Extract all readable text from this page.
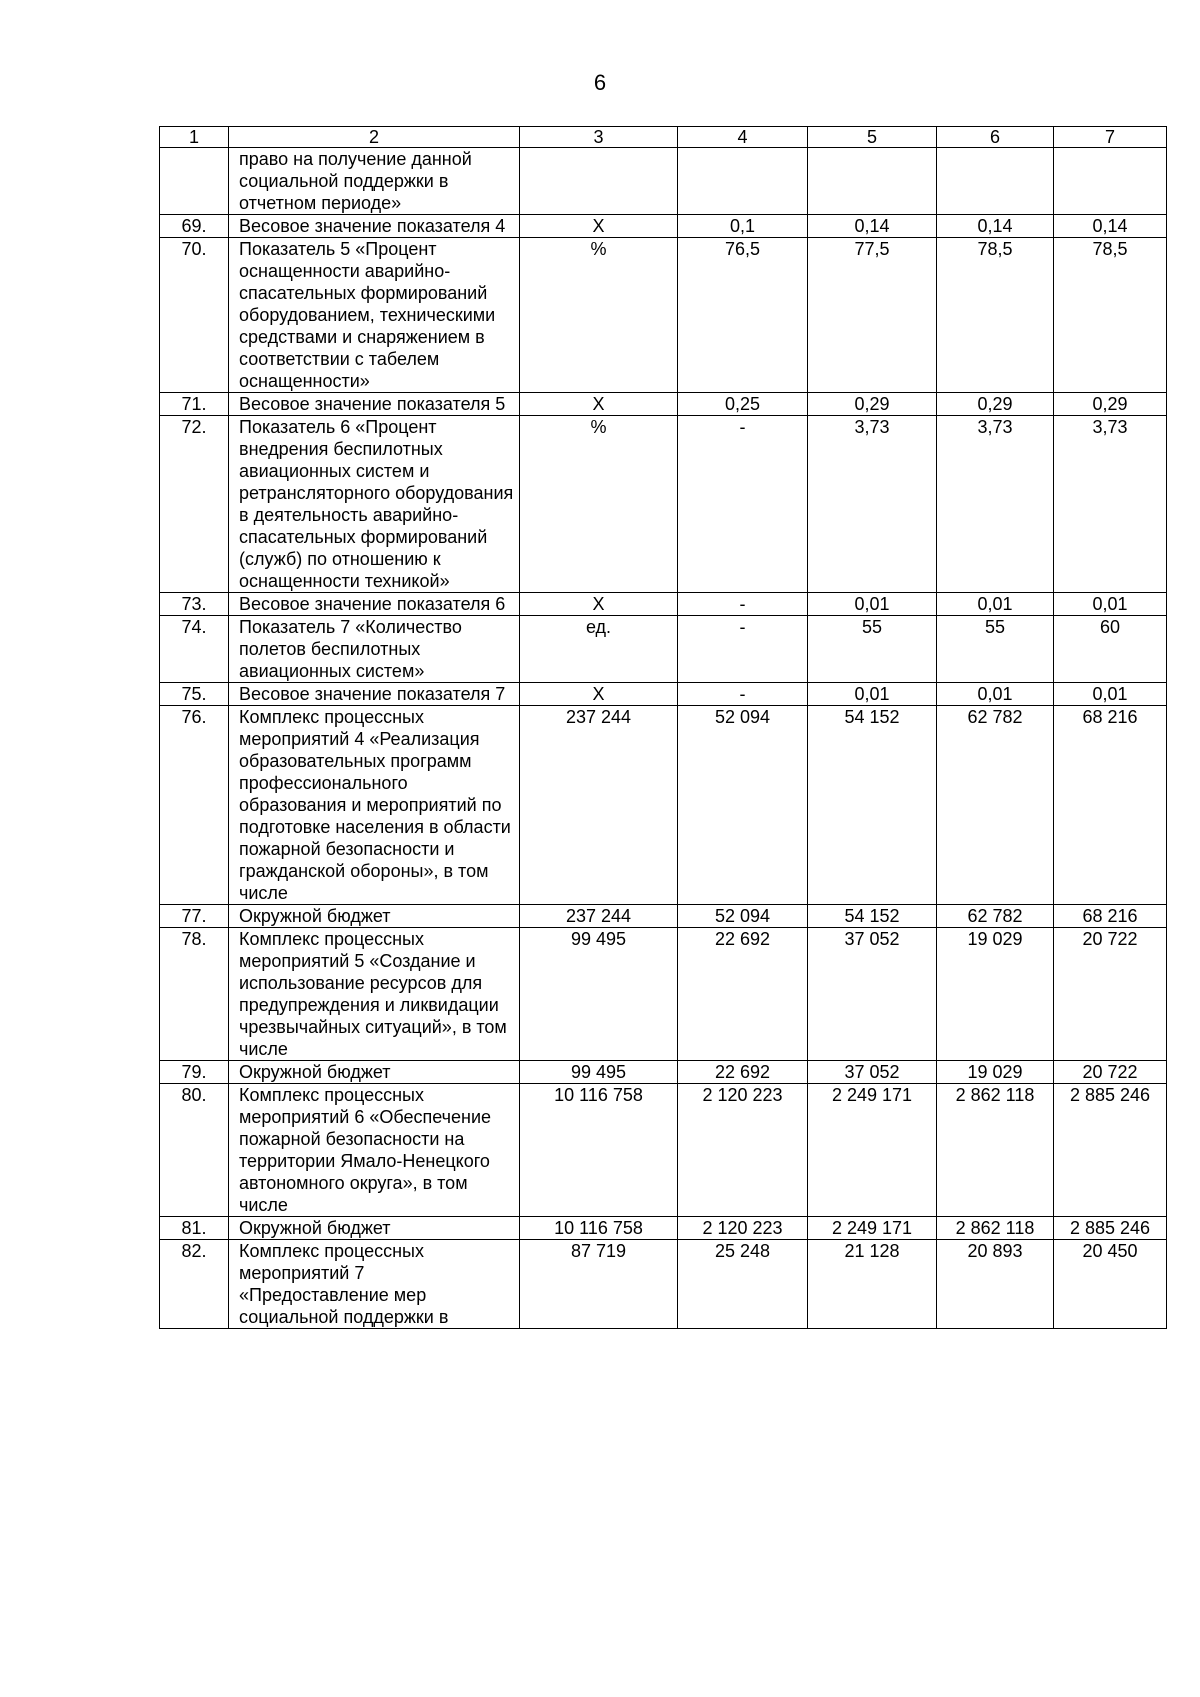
6
1	2	3	4	5	6	7
	право на получение данной социальной поддержки в отчетном периоде»					
69.	Весовое значение показателя 4	Х	0,1	0,14	0,14	0,14
70.	Показатель 5 «Процент оснащенности аварийно-спасательных формирований оборудованием, техническими средствами и снаряжением в соответствии с табелем оснащенности»	%	76,5	77,5	78,5	78,5
71.	Весовое значение показателя 5	Х	0,25	0,29	0,29	0,29
72.	Показатель 6 «Процент внедрения беспилотных авиационных систем и ретрансляторного оборудования в деятельность аварийно-спасательных формирований (служб) по отношению к оснащенности техникой»	%	-	3,73	3,73	3,73
73.	Весовое значение показателя 6	Х	-	0,01	0,01	0,01
74.	Показатель 7 «Количество полетов беспилотных авиационных систем»	ед.	-	55	55	60
75.	Весовое значение показателя 7	Х	-	0,01	0,01	0,01
76.	Комплекс процессных мероприятий 4 «Реализация образовательных программ профессионального образования и мероприятий по подготовке населения в области пожарной безопасности и гражданской обороны», в том числе	237 244	52 094	54 152	62 782	68 216
77.	Окружной бюджет	237 244	52 094	54 152	62 782	68 216
78.	Комплекс процессных мероприятий 5 «Создание и использование ресурсов для предупреждения и ликвидации чрезвычайных ситуаций», в том числе	99 495	22 692	37 052	19 029	20 722
79.	Окружной бюджет	99 495	22 692	37 052	19 029	20 722
80.	Комплекс процессных мероприятий 6 «Обеспечение пожарной безопасности на территории Ямало-Ненецкого автономного округа», в том числе	10 116 758	2 120 223	2 249 171	2 862 118	2 885 246
81.	Окружной бюджет	10 116 758	2 120 223	2 249 171	2 862 118	2 885 246
82.	Комплекс процессных мероприятий 7 «Предоставление мер социальной поддержки в	87 719	25 248	21 128	20 893	20 450
